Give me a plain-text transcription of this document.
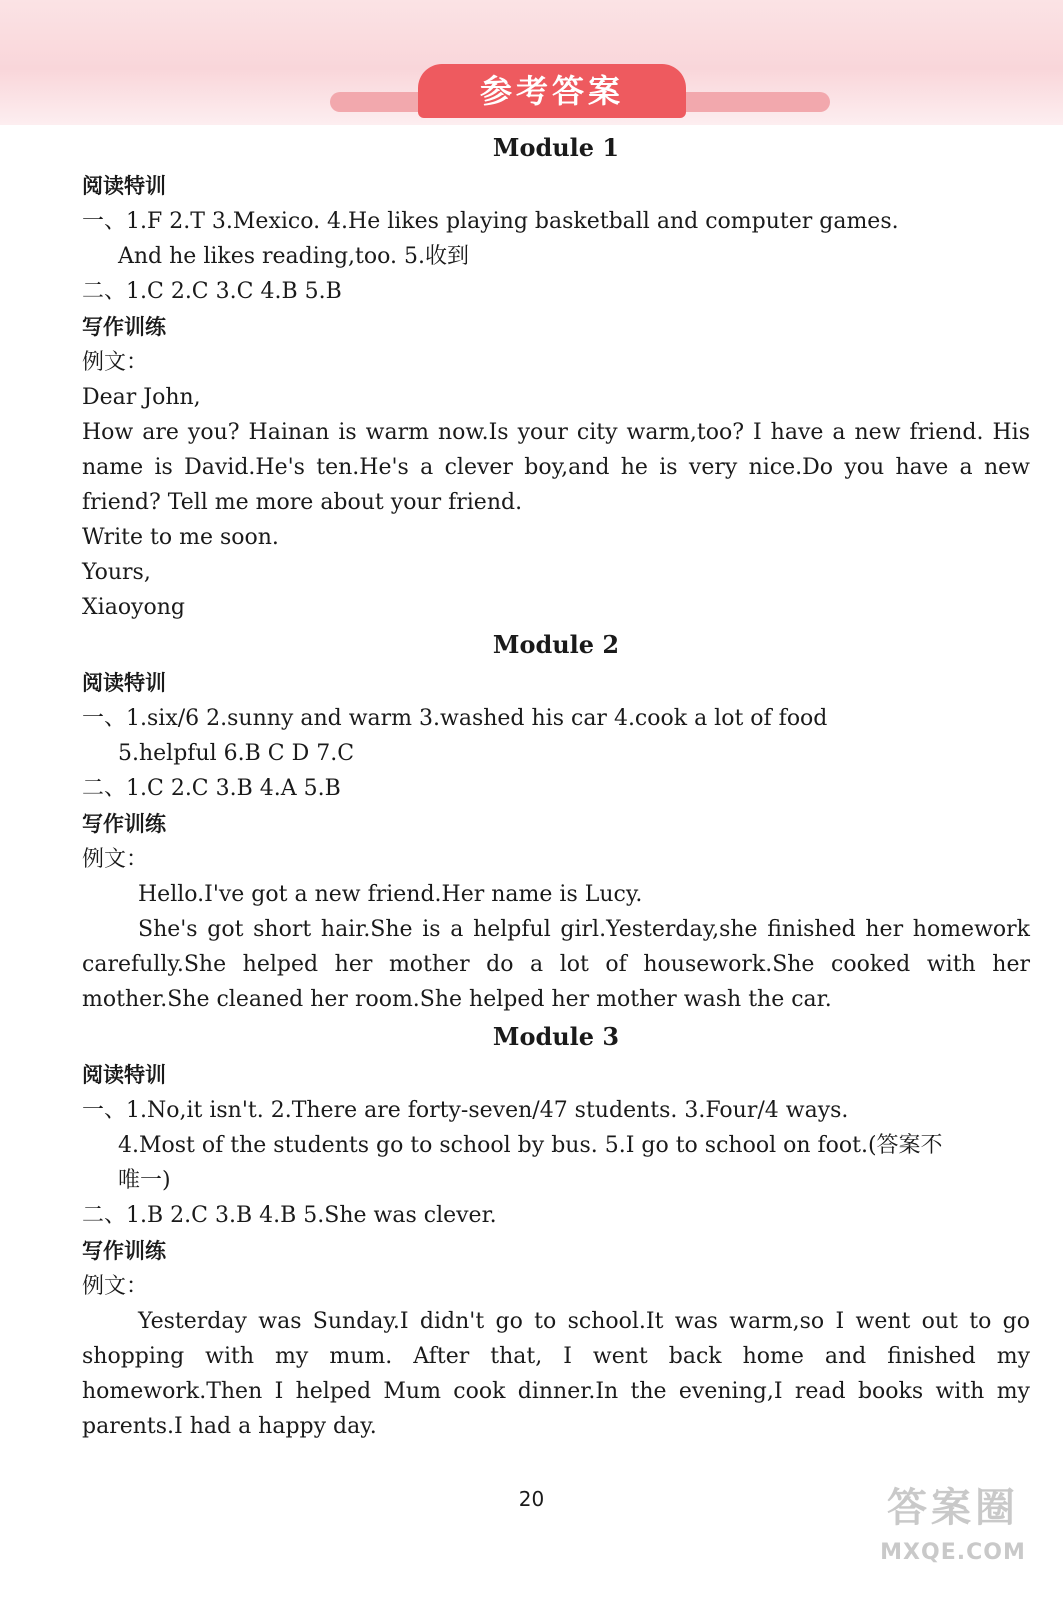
参考答案
Module 1
阅读特训
一、1.F 2.T 3.Mexico. 4.He likes playing basketball and computer games.
And he likes reading,too. 5.收到
二、1.C 2.C 3.C 4.B 5.B
写作训练
例文：
Dear John,
How are you? Hainan is warm now.Is your city warm,too? I have a new friend. His name is David.He's ten.He's a clever boy,and he is very nice.Do you have a new friend? Tell me more about your friend.
Write to me soon.
Yours,
Xiaoyong
Module 2
阅读特训
一、1.six/6 2.sunny and warm 3.washed his car 4.cook a lot of food
5.helpful 6.B C D 7.C
二、1.C 2.C 3.B 4.A 5.B
写作训练
例文：
Hello.I've got a new friend.Her name is Lucy.
She's got short hair.She is a helpful girl.Yesterday,she finished her homework carefully.She helped her mother do a lot of housework.She cooked with her mother.She cleaned her room.She helped her mother wash the car.
Module 3
阅读特训
一、1.No,it isn't. 2.There are forty-seven/47 students. 3.Four/4 ways.
4.Most of the students go to school by bus. 5.I go to school on foot.(答案不
唯一)
二、1.B 2.C 3.B 4.B 5.She was clever.
写作训练
例文：
Yesterday was Sunday.I didn't go to school.It was warm,so I went out to go shopping with my mum. After that, I went back home and finished my homework.Then I helped Mum cook dinner.In the evening,I read books with my parents.I had a happy day.
20	答案圈
MXQE.COM
